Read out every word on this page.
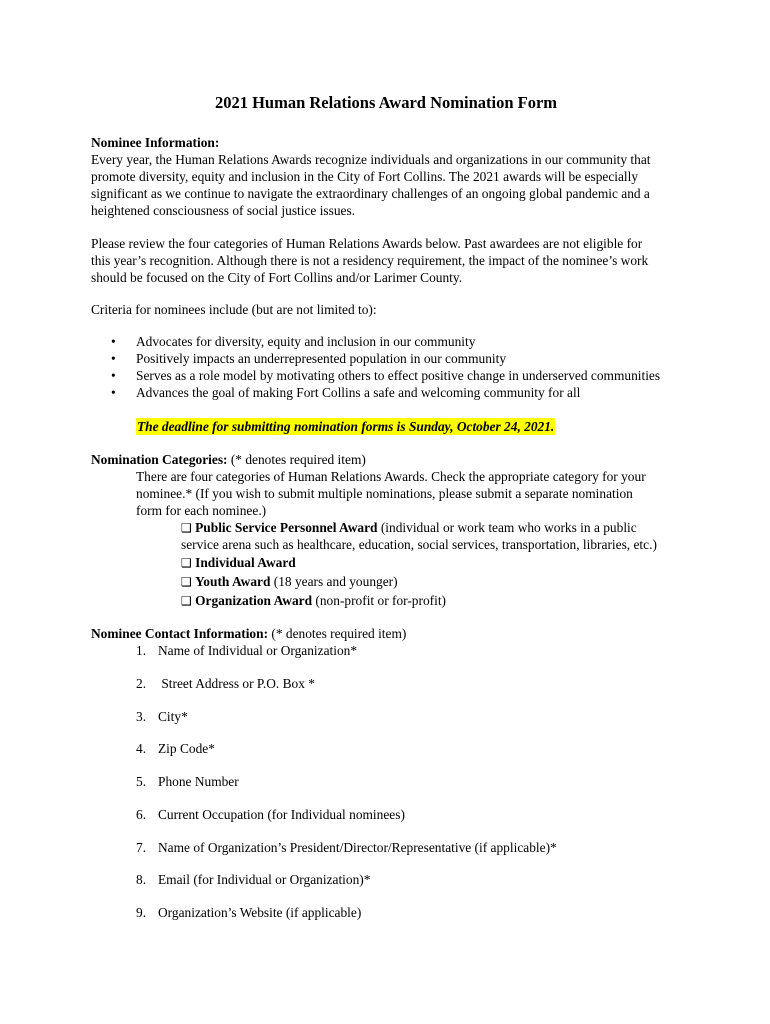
2021 Human Relations Award Nomination Form
Nominee Information:
Every year, the Human Relations Awards recognize individuals and organizations in our community that
promote diversity, equity and inclusion in the City of Fort Collins. The 2021 awards will be especially
significant as we continue to navigate the extraordinary challenges of an ongoing global pandemic and a
heightened consciousness of social justice issues.
Please review the four categories of Human Relations Awards below. Past awardees are not eligible for
this year’s recognition. Although there is not a residency requirement, the impact of the nominee’s work
should be focused on the City of Fort Collins and/or Larimer County.
Criteria for nominees include (but are not limited to):
• Advocates for diversity, equity and inclusion in our community
• Positively impacts an underrepresented population in our community
• Serves as a role model by motivating others to effect positive change in underserved communities
• Advances the goal of making Fort Collins a safe and welcoming community for all
The deadline for submitting nomination forms is Sunday, October 24, 2021.
Nomination Categories: (* denotes required item)
There are four categories of Human Relations Awards. Check the appropriate category for your
nominee.* (If you wish to submit multiple nominations, please submit a separate nomination
form for each nominee.)
❑ Public Service Personnel Award (individual or work team who works in a public
service arena such as healthcare, education, social services, transportation, libraries, etc.)
❑ Individual Award
❑ Youth Award (18 years and younger)
❑ Organization Award (non-profit or for-profit)
Nominee Contact Information: (* denotes required item)
1. Name of Individual or Organization*
2. Street Address or P.O. Box *
3. City*
4. Zip Code*
5. Phone Number
6. Current Occupation (for Individual nominees)
7. Name of Organization’s President/Director/Representative (if applicable)*
8. Email (for Individual or Organization)*
9. Organization’s Website (if applicable)
